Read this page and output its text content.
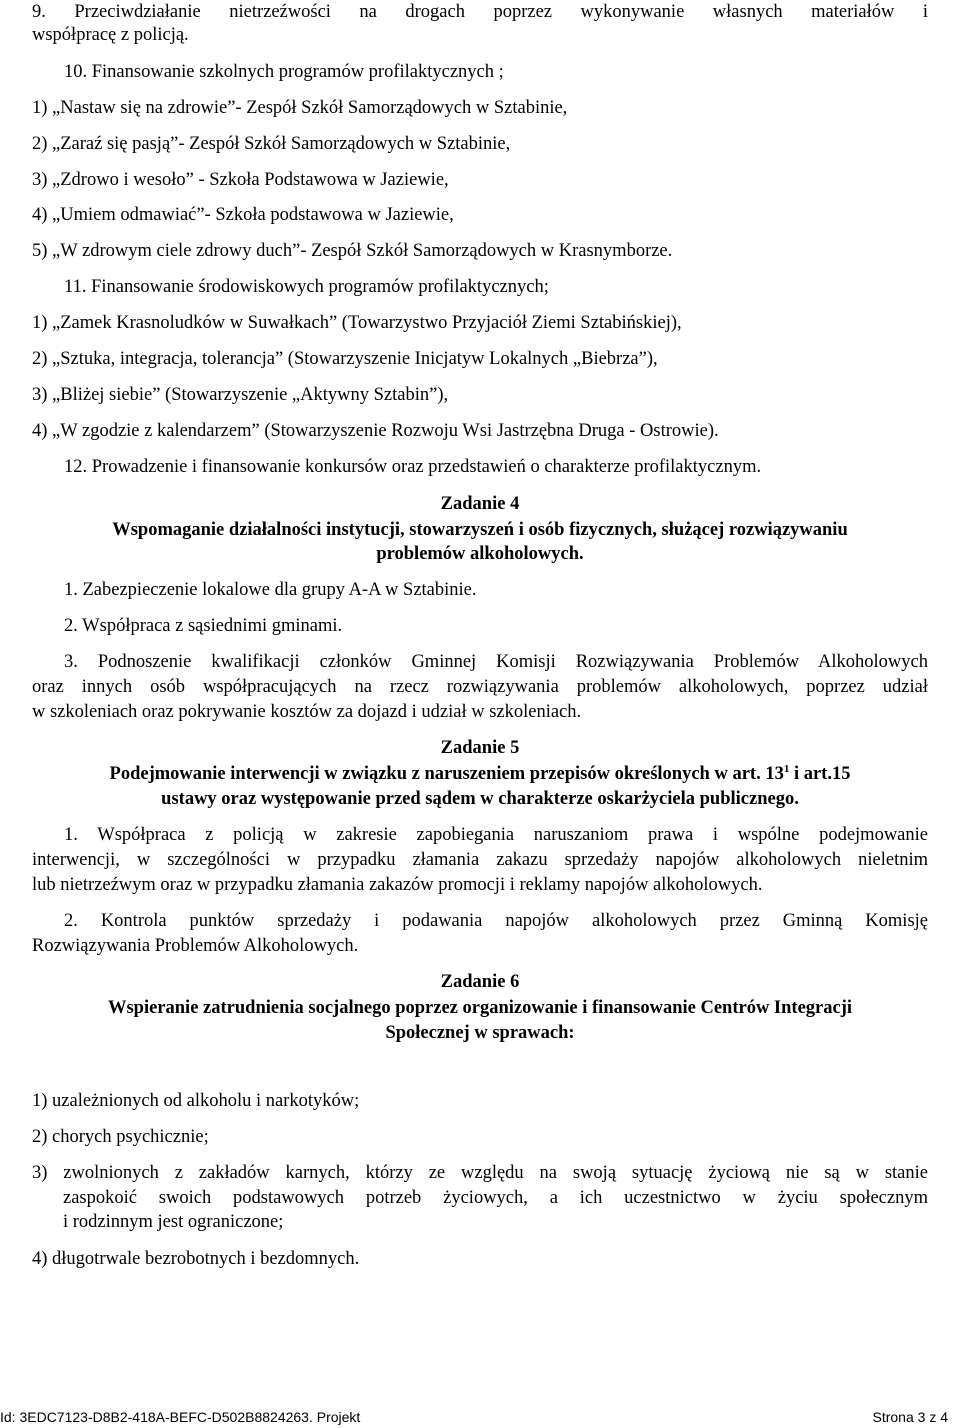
9. Przeciwdziałanie nietrzeźwości na drogach poprzez wykonywanie własnych materiałów i
współpracę z policją.
10. Finansowanie szkolnych programów profilaktycznych ;
1) „Nastaw się na zdrowie”- Zespół Szkół Samorządowych w Sztabinie,
2) „Zaraź się pasją”- Zespół Szkół Samorządowych w Sztabinie,
3) „Zdrowo i wesoło” - Szkoła Podstawowa w Jaziewie,
4) „Umiem odmawiać”- Szkoła podstawowa w Jaziewie,
5) „W zdrowym ciele zdrowy duch”- Zespół Szkół Samorządowych w Krasnymborze.
11. Finansowanie środowiskowych programów profilaktycznych;
1) „Zamek Krasnoludków w Suwałkach” (Towarzystwo Przyjaciół Ziemi Sztabińskiej),
2) „Sztuka, integracja, tolerancja” (Stowarzyszenie Inicjatyw Lokalnych „Biebrza”),
3) „Bliżej siebie” (Stowarzyszenie „Aktywny Sztabin”),
4) „W zgodzie z kalendarzem” (Stowarzyszenie Rozwoju Wsi Jastrzębna Druga - Ostrowie).
12. Prowadzenie i finansowanie konkursów oraz przedstawień o charakterze profilaktycznym.
Zadanie 4
Wspomaganie działalności instytucji, stowarzyszeń i osób fizycznych, służącej rozwiązywaniu
problemów alkoholowych.
1. Zabezpieczenie lokalowe dla grupy A-A w Sztabinie.
2. Współpraca z sąsiednimi gminami.
3. Podnoszenie kwalifikacji członków Gminnej Komisji Rozwiązywania Problemów Alkoholowych
oraz innych osób współpracujących na rzecz rozwiązywania problemów alkoholowych, poprzez udział
w szkoleniach oraz pokrywanie kosztów za dojazd i udział w szkoleniach.
Zadanie 5
Podejmowanie interwencji w związku z naruszeniem przepisów określonych w art. $13^1$ i art.15
ustawy oraz występowanie przed sądem w charakterze oskarżyciela publicznego.
1. Współpraca z policją w zakresie zapobiegania naruszaniom prawa i wspólne podejmowanie
interwencji, w szczególności w przypadku złamania zakazu sprzedaży napojów alkoholowych nieletnim
lub nietrzeźwym oraz w przypadku złamania zakazów promocji i reklamy napojów alkoholowych.
2. Kontrola punktów sprzedaży i podawania napojów alkoholowych przez Gminną Komisję
Rozwiązywania Problemów Alkoholowych.
Zadanie 6
Wspieranie zatrudnienia socjalnego poprzez organizowanie i finansowanie Centrów Integracji
Społecznej w sprawach:
1) uzależnionych od alkoholu i narkotyków;
2) chorych psychicznie;
3) zwolnionych z zakładów karnych, którzy ze względu na swoją sytuację życiową nie są w stanie
zaspokoić swoich podstawowych potrzeb życiowych, a ich uczestnictwo w życiu społecznym
i rodzinnym jest ograniczone;
4) długotrwale bezrobotnych i bezdomnych.
Id: 3EDC7123-D8B2-418A-BEFC-D502B8824263. Projekt	Strona 3 z 4
